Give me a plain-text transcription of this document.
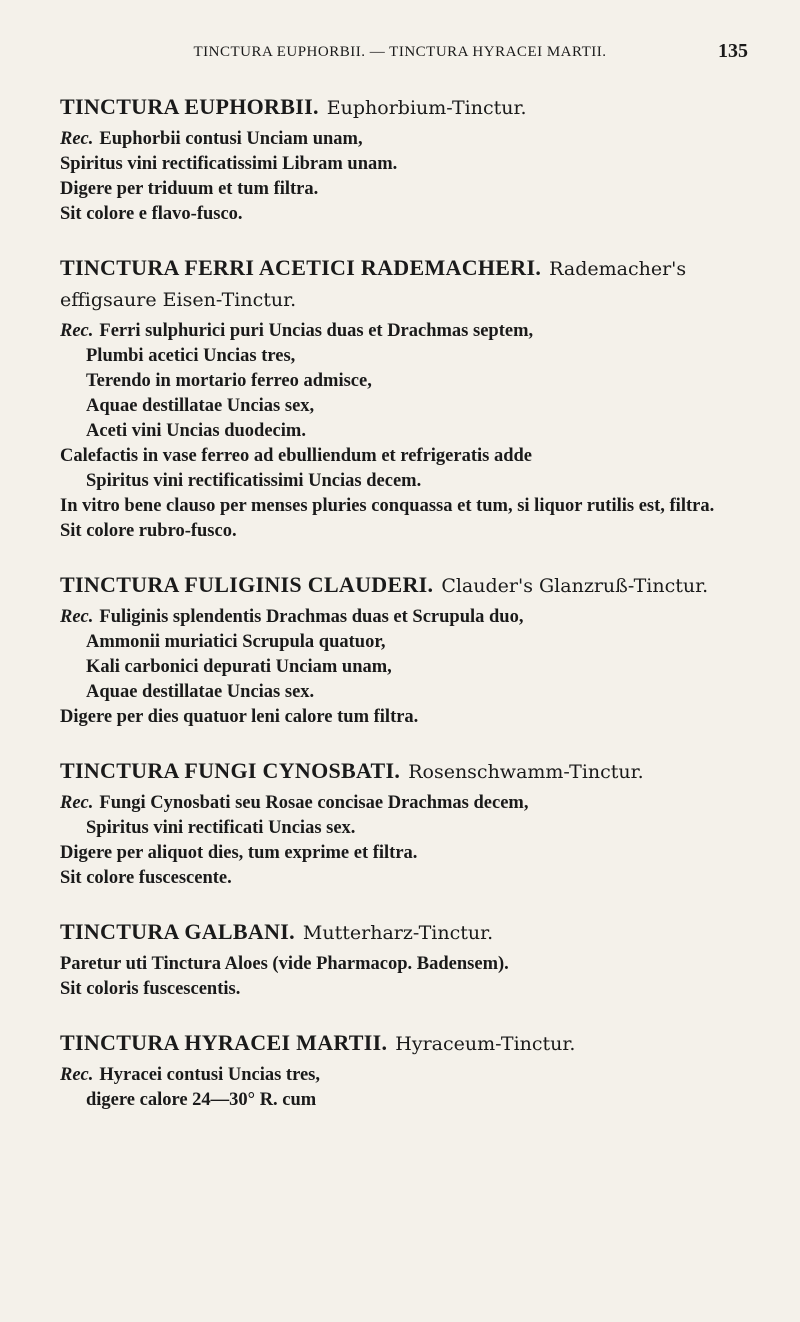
TINCTURA EUPHORBII. — TINCTURA HYRACEI MARTII.	135
TINCTURA EUPHORBII. Euphorbium-Tinctur.
Rec. Euphorbii contusi Unciam unam,
Spiritus vini rectificatissimi Libram unam.
Digere per triduum et tum filtra.
Sit colore e flavo-fusco.
TINCTURA FERRI ACETICI RADEMACHERI. Rademacher's effigsaure Eisen-Tinctur.
Rec. Ferri sulphurici puri Uncias duas et Drachmas septem,
Plumbi acetici Uncias tres,
Terendo in mortario ferreo admisce,
Aquae destillatae Uncias sex,
Aceti vini Uncias duodecim.
Calefactis in vase ferreo ad ebulliendum et refrigeratis adde
Spiritus vini rectificatissimi Uncias decem.
In vitro bene clauso per menses pluries conquassa et tum, si liquor rutilis est, filtra.
Sit colore rubro-fusco.
TINCTURA FULIGINIS CLAUDERI. Clauder's Glanzruß-Tinctur.
Rec. Fuliginis splendentis Drachmas duas et Scrupula duo,
Ammonii muriatici Scrupula quatuor,
Kali carbonici depurati Unciam unam,
Aquae destillatae Uncias sex.
Digere per dies quatuor leni calore tum filtra.
TINCTURA FUNGI CYNOSBATI. Rosenschwamm-Tinctur.
Rec. Fungi Cynosbati seu Rosae concisae Drachmas decem,
Spiritus vini rectificati Uncias sex.
Digere per aliquot dies, tum exprime et filtra.
Sit colore fuscescente.
TINCTURA GALBANI. Mutterharz-Tinctur.
Paretur uti Tinctura Aloes (vide Pharmacop. Badensem).
Sit coloris fuscescentis.
TINCTURA HYRACEI MARTII. Hyraceum-Tinctur.
Rec. Hyracei contusi Uncias tres,
digere calore 24—30° R. cum
